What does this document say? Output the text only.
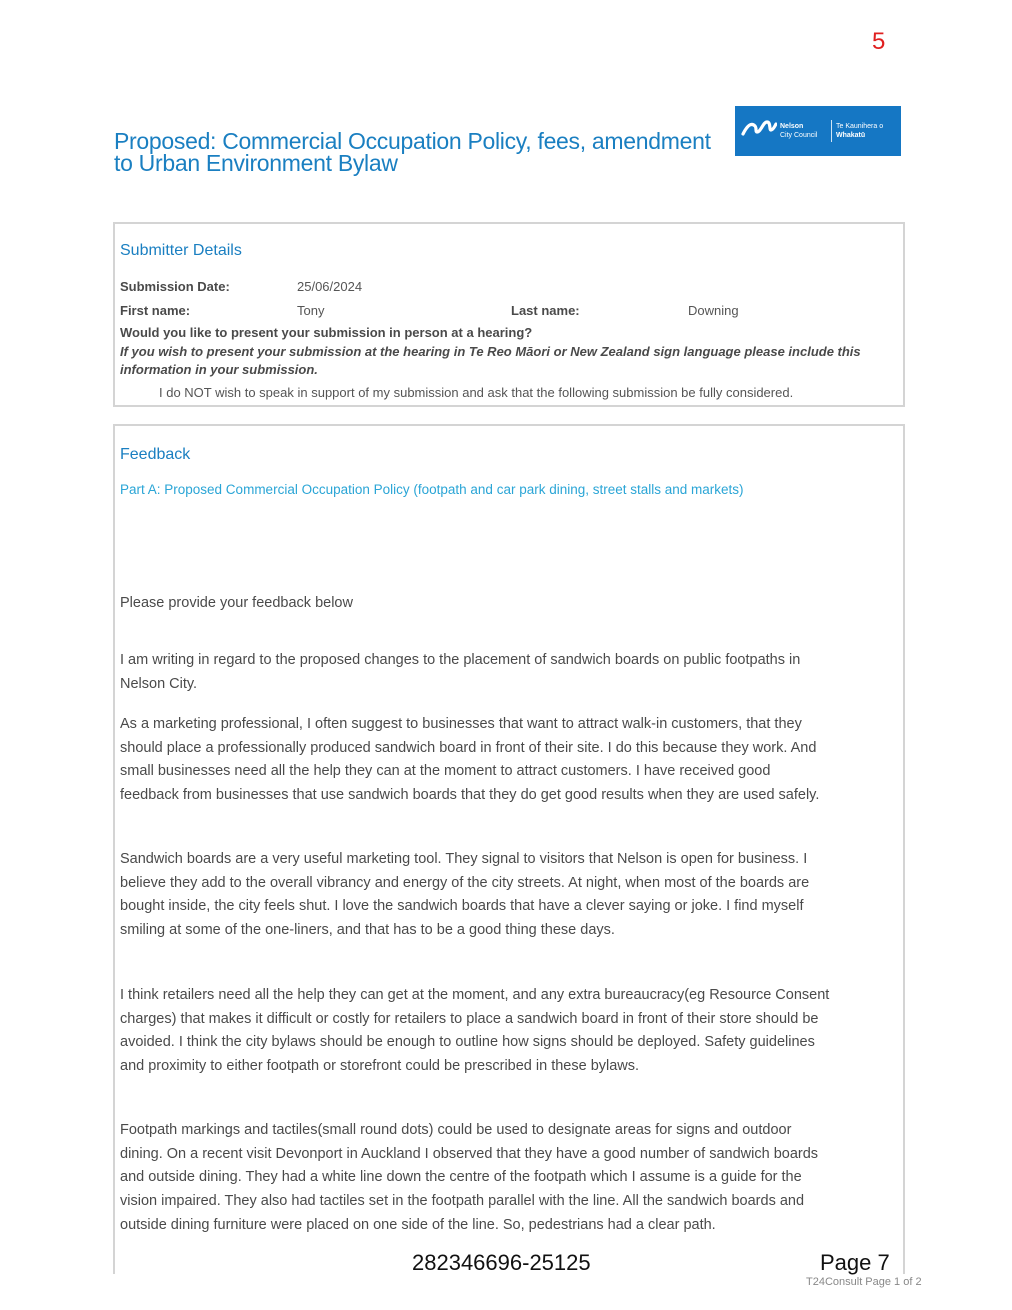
5
Proposed: Commercial Occupation Policy, fees, amendment to Urban Environment Bylaw
Nelson
City Council
Te Kaunihera o
Whakatū
Submitter Details
Submission Date:	25/06/2024
First name:	Tony	Last name:	Downing
Would you like to present your submission in person at a hearing?
If you wish to present your submission at the hearing in Te Reo Māori or New Zealand sign language please include this information in your submission.
I do NOT wish to speak in support of my submission and ask that the following submission be fully considered.
Feedback
Part A: Proposed Commercial Occupation Policy (footpath and car park dining, street stalls and markets)
Please provide your feedback below
I am writing in regard to the proposed changes to the placement of sandwich boards on public footpaths in Nelson City.
As a marketing professional, I often suggest to businesses that want to attract walk-in customers, that they should place a professionally produced sandwich board in front of their site. I do this because they work. And small businesses need all the help they can at the moment to attract customers. I have received good feedback from businesses that use sandwich boards that they do get good results when they are used safely.
Sandwich boards are a very useful marketing tool. They signal to visitors that Nelson is open for business. I believe they add to the overall vibrancy and energy of the city streets. At night, when most of the boards are bought inside, the city feels shut. I love the sandwich boards that have a clever saying or joke. I find myself smiling at some of the one-liners, and that has to be a good thing these days.
I think retailers need all the help they can get at the moment, and any extra bureaucracy(eg Resource Consent charges) that makes it difficult or costly for retailers to place a sandwich board in front of their store should be avoided. I think the city bylaws should be enough to outline how signs should be deployed. Safety guidelines and proximity to either footpath or storefront could be prescribed in these bylaws.
Footpath markings and tactiles(small round dots) could be used to designate areas for signs and outdoor dining. On a recent visit Devonport in Auckland I observed that they have a good number of sandwich boards and outside dining. They had a white line down the centre of the footpath which I assume is a guide for the vision impaired. They also had tactiles set in the footpath parallel with the line. All the sandwich boards and outside dining furniture were placed on one side of the line. So, pedestrians had a clear path.
282346696-25125	Page 7
T24Consult Page 1 of 2
